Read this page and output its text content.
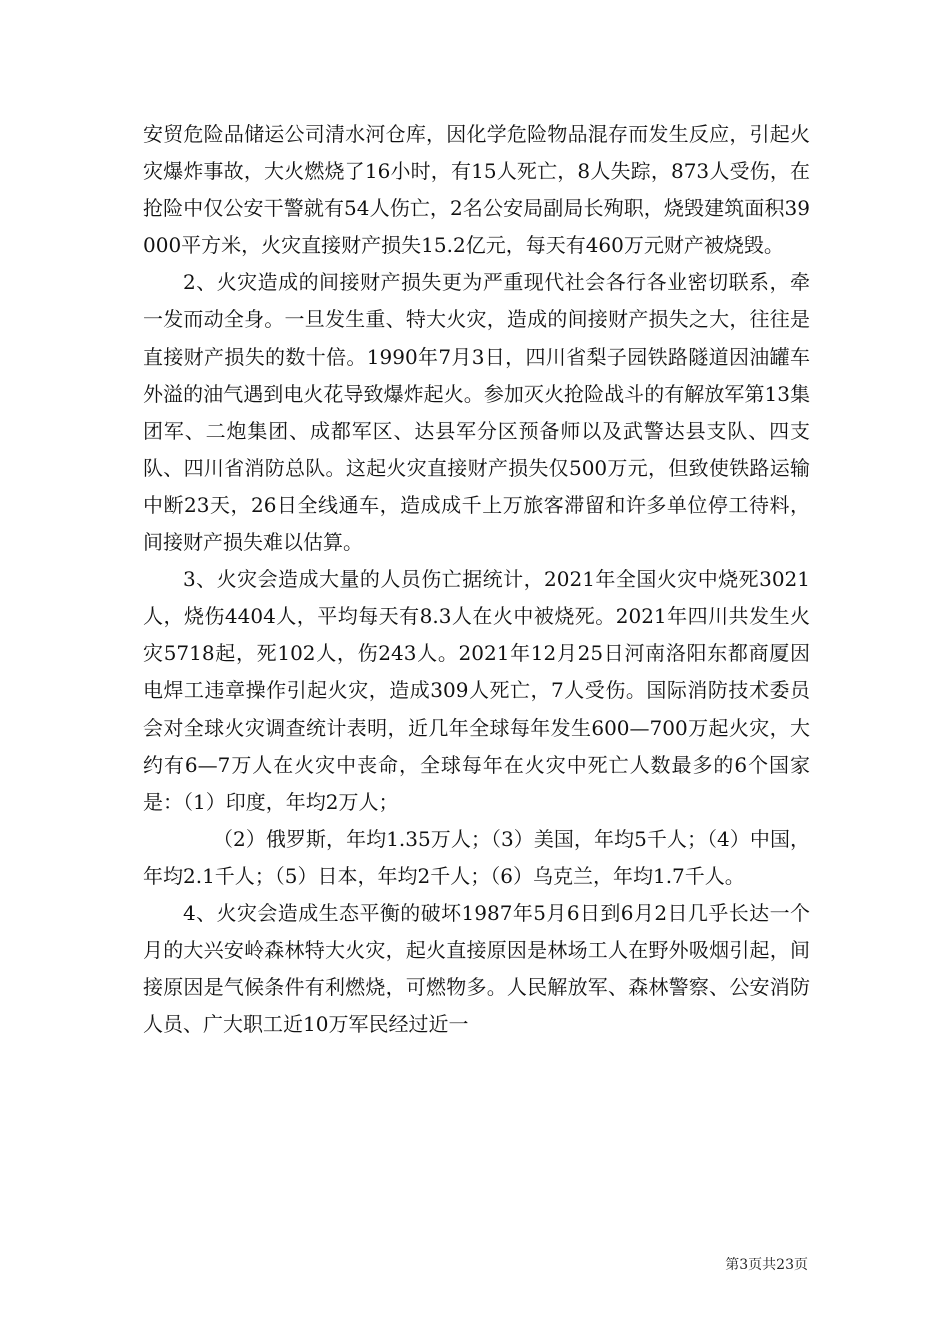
安贸危险品储运公司清水河仓库，因化学危险物品混存而发生反应，引起火灾爆炸事故，大火燃烧了16小时，有15人死亡，8人失踪，873人受伤，在抢险中仅公安干警就有54人伤亡，2名公安局副局长殉职，烧毁建筑面积39000平方米，火灾直接财产损失15.2亿元，每天有460万元财产被烧毁。

2、火灾造成的间接财产损失更为严重现代社会各行各业密切联系，牵一发而动全身。一旦发生重、特大火灾，造成的间接财产损失之大，往往是直接财产损失的数十倍。1990年7月3日，四川省梨子园铁路隧道因油罐车外溢的油气遇到电火花导致爆炸起火。参加灭火抢险战斗的有解放军第13集团军、二炮集团、成都军区、达县军分区预备师以及武警达县支队、四支队、四川省消防总队。这起火灾直接财产损失仅500万元，但致使铁路运输中断23天，26日全线通车，造成成千上万旅客滞留和许多单位停工待料，间接财产损失难以估算。

3、火灾会造成大量的人员伤亡据统计，2021年全国火灾中烧死3021人，烧伤4404人，平均每天有8.3人在火中被烧死。2021年四川共发生火灾5718起，死102人，伤243人。2021年12月25日河南洛阳东都商厦因电焊工违章操作引起火灾，造成309人死亡，7人受伤。国际消防技术委员会对全球火灾调查统计表明，近几年全球每年发生600—700万起火灾，大约有6—7万人在火灾中丧命，全球每年在火灾中死亡人数最多的6个国家是：（1）印度，年均2万人；

（2）俄罗斯，年均1.35万人；（3）美国，年均5千人；（4）中国，年均2.1千人；（5）日本，年均2千人；（6）乌克兰，年均1.7千人。

4、火灾会造成生态平衡的破坏1987年5月6日到6月2日几乎长达一个月的大兴安岭森林特大火灾，起火直接原因是林场工人在野外吸烟引起，间接原因是气候条件有利燃烧，可燃物多。人民解放军、森林警察、公安消防人员、广大职工近10万军民经过近一

第3页共23页
